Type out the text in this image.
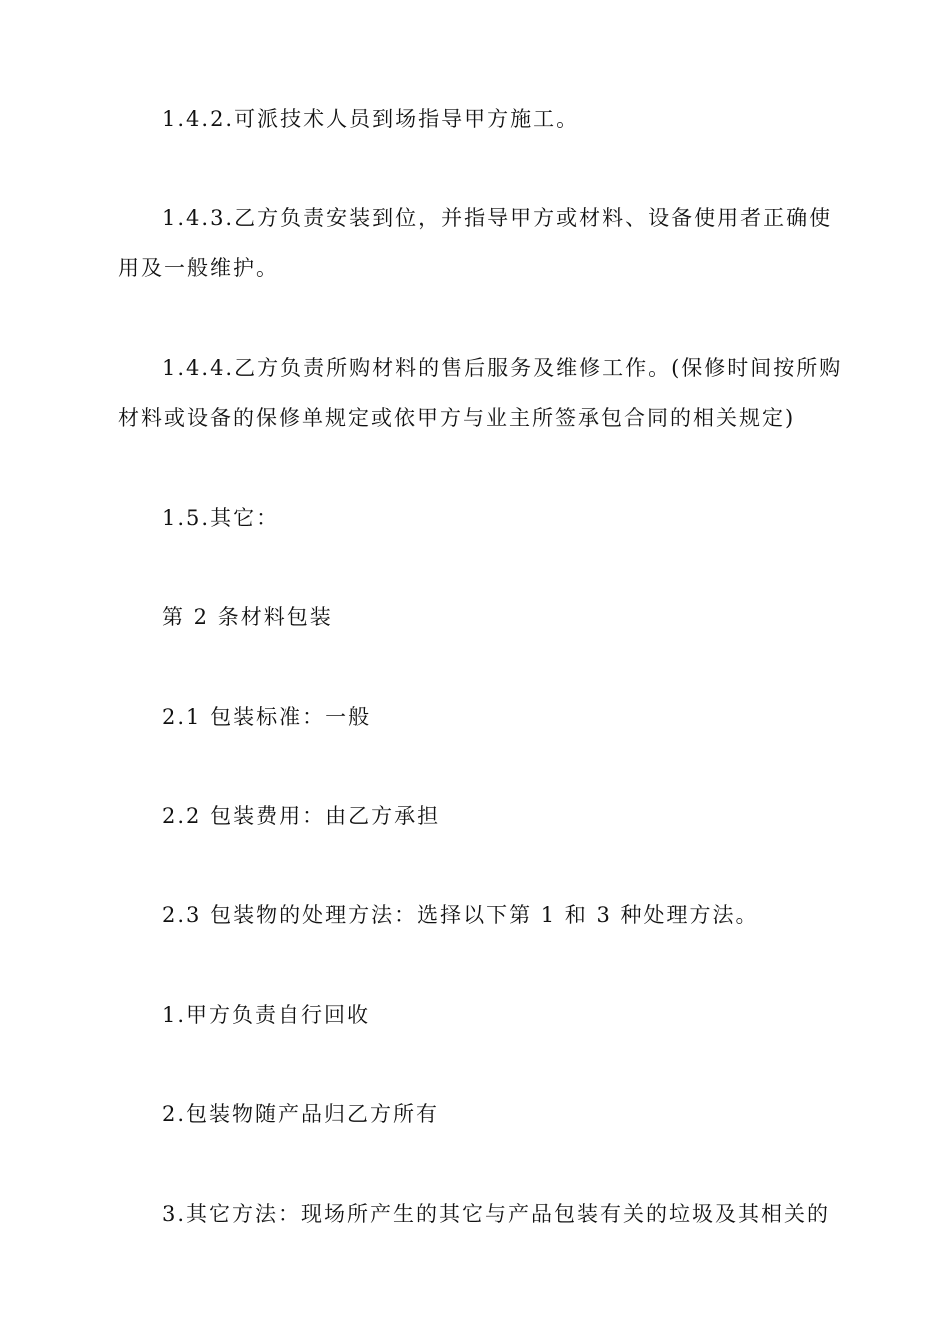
1.4.2.可派技术人员到场指导甲方施工。

1.4.3.乙方负责安装到位，并指导甲方或材料、设备使用者正确使
用及一般维护。

1.4.4.乙方负责所购材料的售后服务及维修工作。(保修时间按所购
材料或设备的保修单规定或依甲方与业主所签承包合同的相关规定)

1.5.其它：

第 2 条材料包装

2.1 包装标准：一般

2.2 包装费用：由乙方承担

2.3 包装物的处理方法：选择以下第 1 和 3 种处理方法。

1.甲方负责自行回收

2.包装物随产品归乙方所有

3.其它方法：现场所产生的其它与产品包装有关的垃圾及其相关的
